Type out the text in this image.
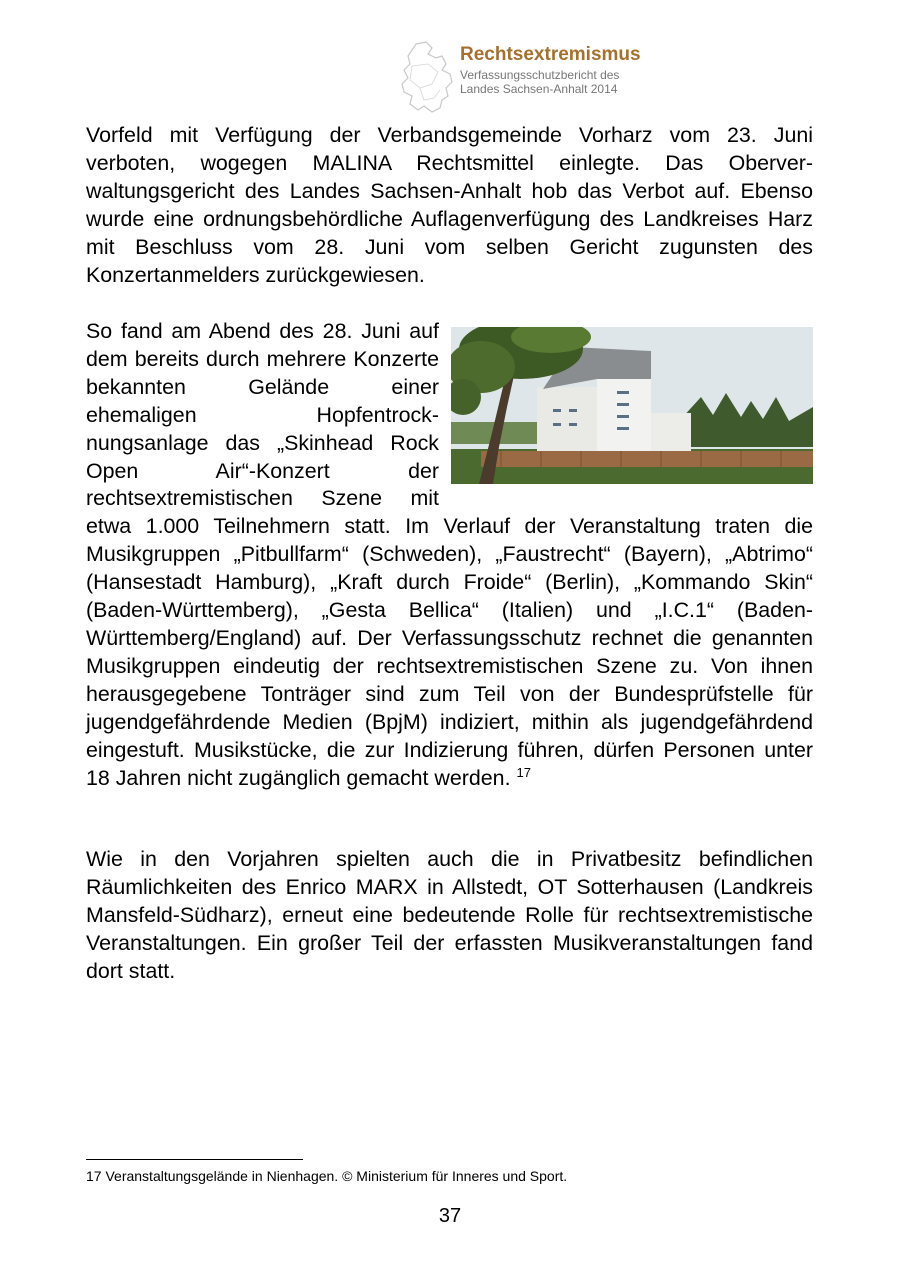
Rechtsextremismus
Verfassungsschutzbericht des
Landes Sachsen-Anhalt 2014
Vorfeld mit Verfügung der Verbandsgemeinde Vorharz vom 23. Juni verboten, wogegen MALINA Rechtsmittel einlegte. Das Oberverwaltungsgericht des Landes Sachsen-Anhalt hob das Verbot auf. Ebenso wurde eine ordnungsbehördliche Auflagenverfügung des Landkreises Harz mit Beschluss vom 28. Juni vom selben Gericht zugunsten des Konzertanmelders zurückgewiesen.
So fand am Abend des 28. Juni auf dem bereits durch mehrere Konzerte bekannten Gelände einer ehemaligen Hopfentrocknungsanlage das „Skinhead Rock Open Air“-Konzert der rechtsextremistischen Szene mit etwa 1.000 Teilnehmern statt. Im Verlauf der Veranstaltung traten die Musikgruppen „Pitbullfarm“ (Schweden), „Faustrecht“ (Bayern), „Abtrimo“ (Hansestadt Hamburg), „Kraft durch Froide“ (Berlin), „Kommando Skin“ (Baden-Württemberg), „Gesta Bellica“ (Italien) und „I.C.1“ (Baden-Württemberg/England) auf. Der Verfassungsschutz rechnet die genannten Musikgruppen eindeutig der rechtsextremistischen Szene zu. Von ihnen herausgegebene Tonträger sind zum Teil von der Bundesprüfstelle für jugendgefährdende Medien (BpjM) indiziert, mithin als jugendgefährdend eingestuft. Musikstücke, die zur Indizierung führen, dürfen Personen unter 18 Jahren nicht zugänglich gemacht werden. $^{17}$
Wie in den Vorjahren spielten auch die in Privatbesitz befindlichen Räumlichkeiten des Enrico MARX in Allstedt, OT Sotterhausen (Landkreis Mansfeld-Südharz), erneut eine bedeutende Rolle für rechtsextremistische Veranstaltungen. Ein großer Teil der erfassten Musikveranstaltungen fand dort statt.
17 Veranstaltungsgelände in Nienhagen. © Ministerium für Inneres und Sport.
37
